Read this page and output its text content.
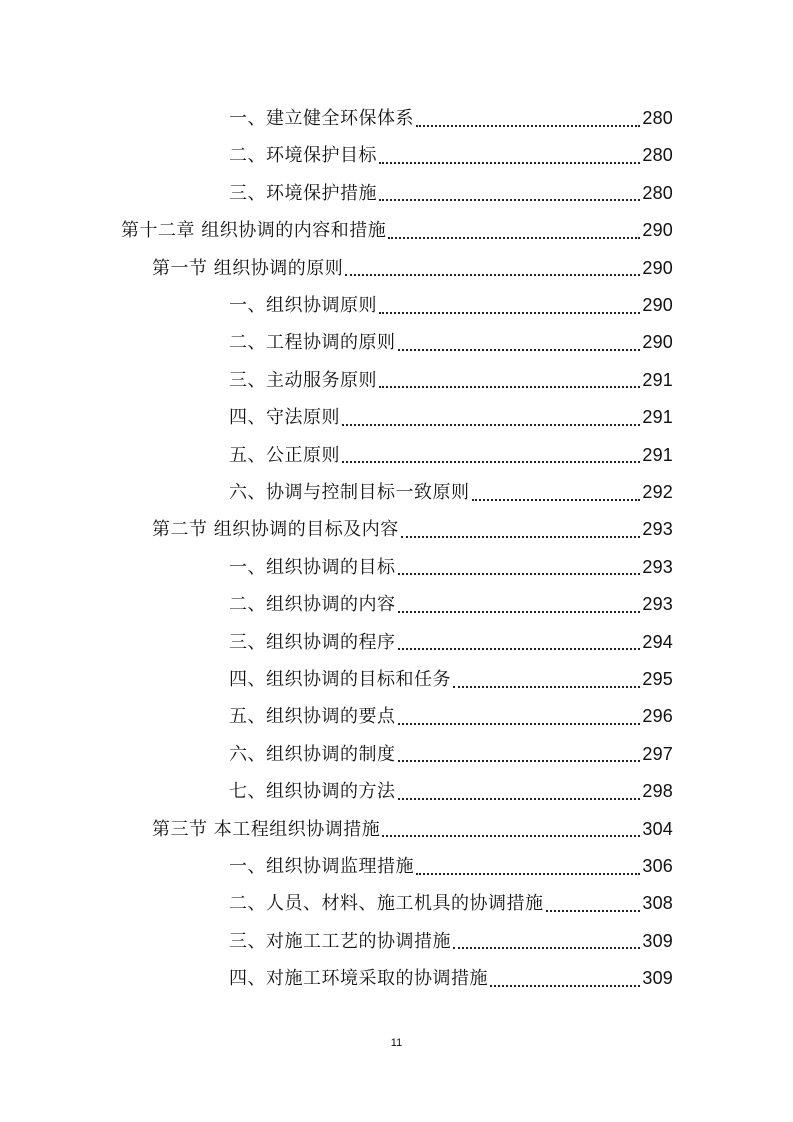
一、建立健全环保体系	280
二、环境保护目标	280
三、环境保护措施	280
第十二章 组织协调的内容和措施	290
第一节 组织协调的原则	290
一、组织协调原则	290
二、工程协调的原则	290
三、主动服务原则	291
四、守法原则	291
五、公正原则	291
六、协调与控制目标一致原则	292
第二节 组织协调的目标及内容	293
一、组织协调的目标	293
二、组织协调的内容	293
三、组织协调的程序	294
四、组织协调的目标和任务	295
五、组织协调的要点	296
六、组织协调的制度	297
七、组织协调的方法	298
第三节 本工程组织协调措施	304
一、组织协调监理措施	306
二、人员、材料、施工机具的协调措施	308
三、对施工工艺的协调措施	309
四、对施工环境采取的协调措施	309
11
